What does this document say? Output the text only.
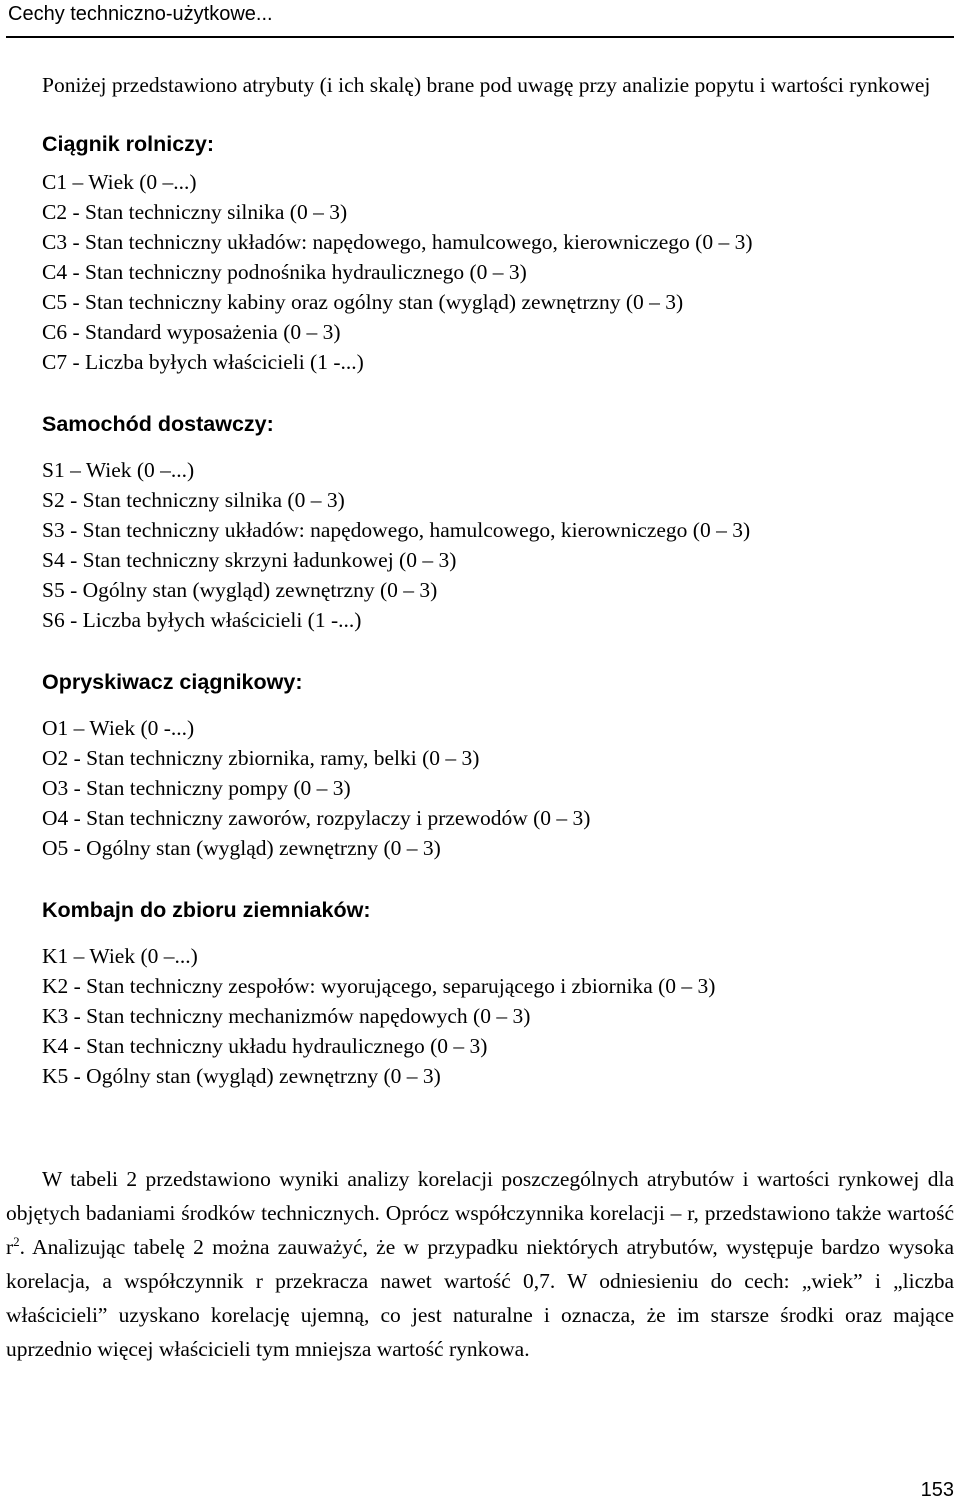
Cechy techniczno-użytkowe...

Poniżej przedstawiono atrybuty (i ich skalę) brane pod uwagę przy analizie popytu i wartości rynkowej

Ciągnik rolniczy:
C1 – Wiek (0 –...)
C2 - Stan techniczny silnika (0 – 3)
C3 - Stan techniczny układów: napędowego, hamulcowego, kierowniczego (0 – 3)
C4 - Stan techniczny podnośnika hydraulicznego (0 – 3)
C5 - Stan techniczny kabiny oraz ogólny stan (wygląd) zewnętrzny (0 – 3)
C6 - Standard wyposażenia (0 – 3)
C7 - Liczba byłych właścicieli (1 -...)
Samochód dostawczy:
S1 – Wiek (0 –...)
S2 - Stan techniczny silnika (0 – 3)
S3 - Stan techniczny układów: napędowego, hamulcowego, kierowniczego (0 – 3)
S4 - Stan techniczny skrzyni ładunkowej (0 – 3)
S5 - Ogólny stan (wygląd) zewnętrzny (0 – 3)
S6 - Liczba byłych właścicieli (1 -...)
Opryskiwacz ciągnikowy:
O1 – Wiek (0 -...)
O2 - Stan techniczny zbiornika, ramy, belki (0 – 3)
O3 - Stan techniczny pompy (0 – 3)
O4 - Stan techniczny zaworów, rozpylaczy i przewodów (0 – 3)
O5 - Ogólny stan (wygląd) zewnętrzny (0 – 3)
Kombajn do zbioru ziemniaków:
K1 – Wiek (0 –...)
K2 - Stan techniczny zespołów: wyorującego, separującego i zbiornika (0 – 3)
K3 - Stan techniczny mechanizmów napędowych (0 – 3)
K4 - Stan techniczny układu hydraulicznego (0 – 3)
K5 - Ogólny stan (wygląd) zewnętrzny (0 – 3)

W tabeli 2 przedstawiono wyniki analizy korelacji poszczególnych atrybutów i wartości rynkowej dla objętych badaniami środków technicznych. Oprócz współczynnika korelacji – r, przedstawiono także wartość $r^2$. Analizując tabelę 2 można zauważyć, że w przypadku niektórych atrybutów, występuje bardzo wysoka korelacja, a współczynnik r przekracza nawet wartość 0,7. W odniesieniu do cech: „wiek” i „liczba właścicieli” uzyskano korelację ujemną, co jest naturalne i oznacza, że im starsze środki oraz mające uprzednio więcej właścicieli tym mniejsza wartość rynkowa.

153
